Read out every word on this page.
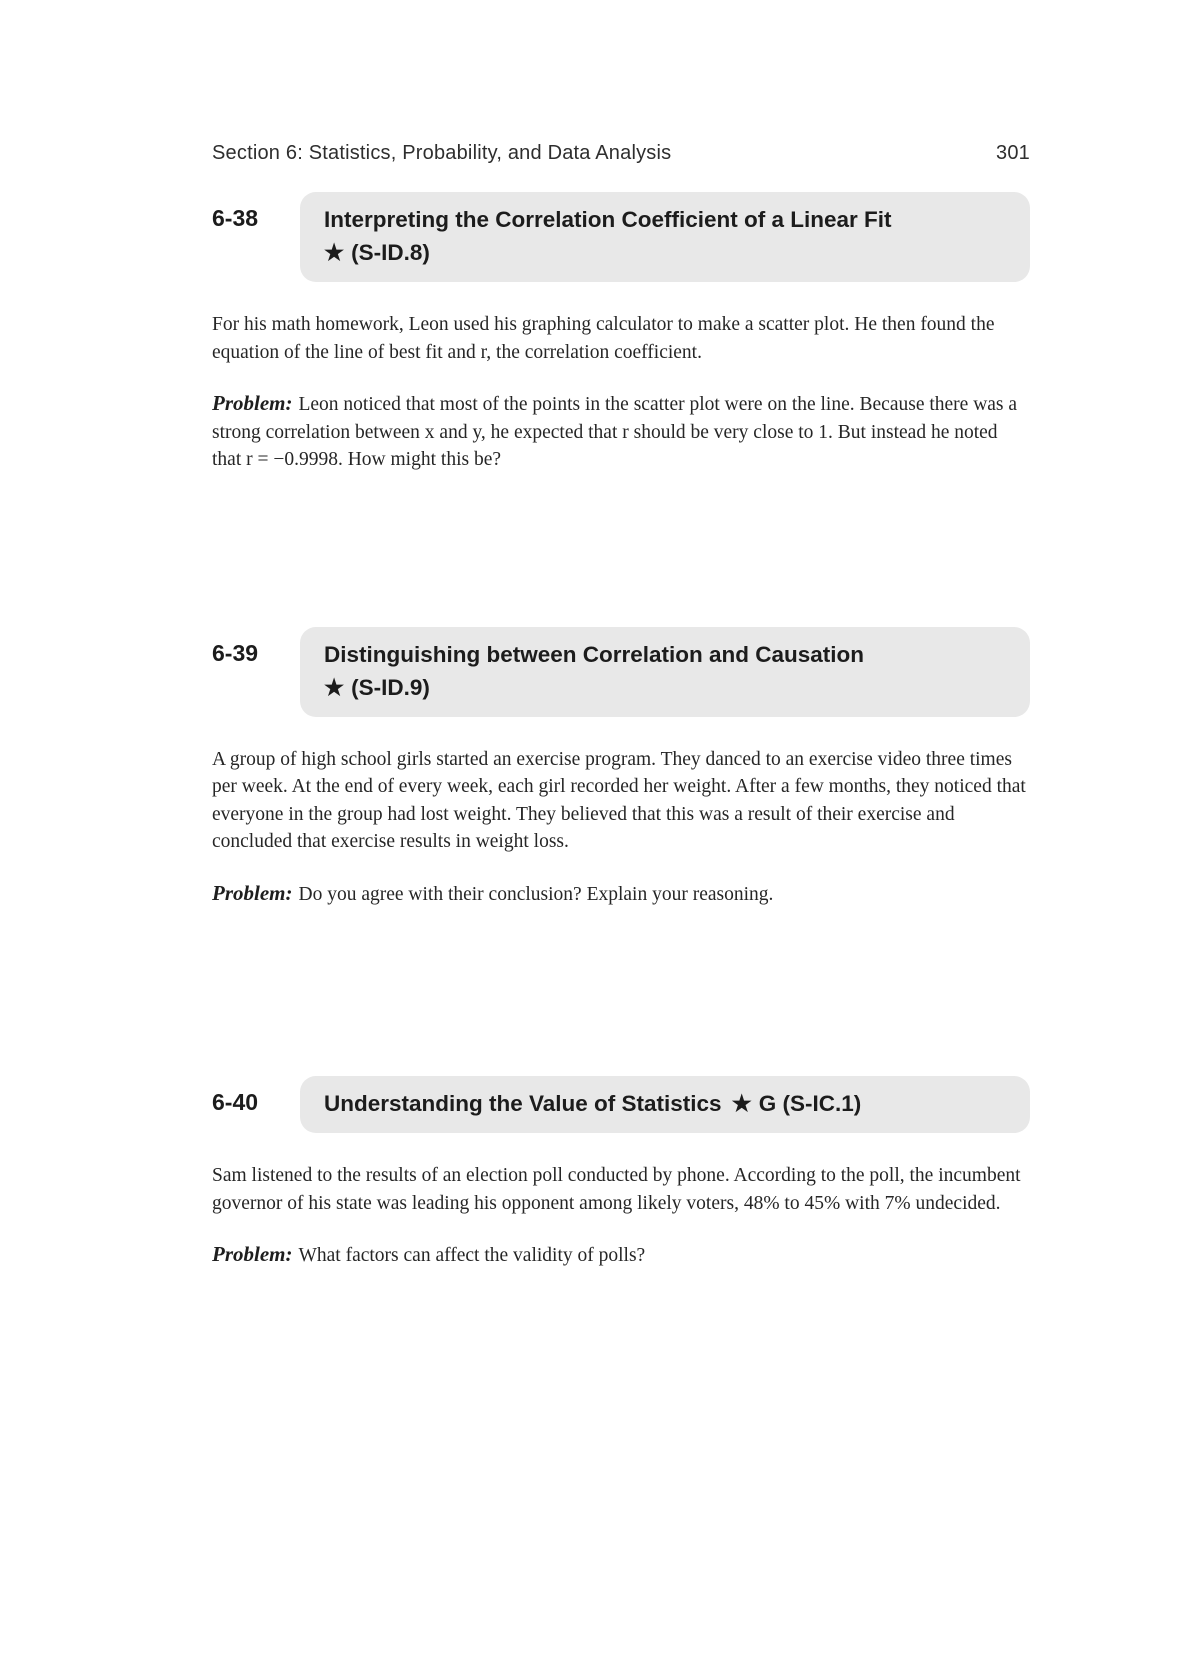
Section 6: Statistics, Probability, and Data Analysis	301
6-38	Interpreting the Correlation Coefficient of a Linear Fit
★ (S-ID.8)

For his math homework, Leon used his graphing calculator to make a scatter plot. He then found the equation of the line of best fit and r, the correlation coefficient.

Problem: Leon noticed that most of the points in the scatter plot were on the line. Because there was a strong correlation between x and y, he expected that r should be very close to 1. But instead he noted that r = −0.9998. How might this be?

6-39	Distinguishing between Correlation and Causation
★ (S-ID.9)

A group of high school girls started an exercise program. They danced to an exercise video three times per week. At the end of every week, each girl recorded her weight. After a few months, they noticed that everyone in the group had lost weight. They believed that this was a result of their exercise and concluded that exercise results in weight loss.

Problem: Do you agree with their conclusion? Explain your reasoning.

6-40	Understanding the Value of Statistics ★ G (S-IC.1)

Sam listened to the results of an election poll conducted by phone. According to the poll, the incumbent governor of his state was leading his opponent among likely voters, 48% to 45% with 7% undecided.

Problem: What factors can affect the validity of polls?
